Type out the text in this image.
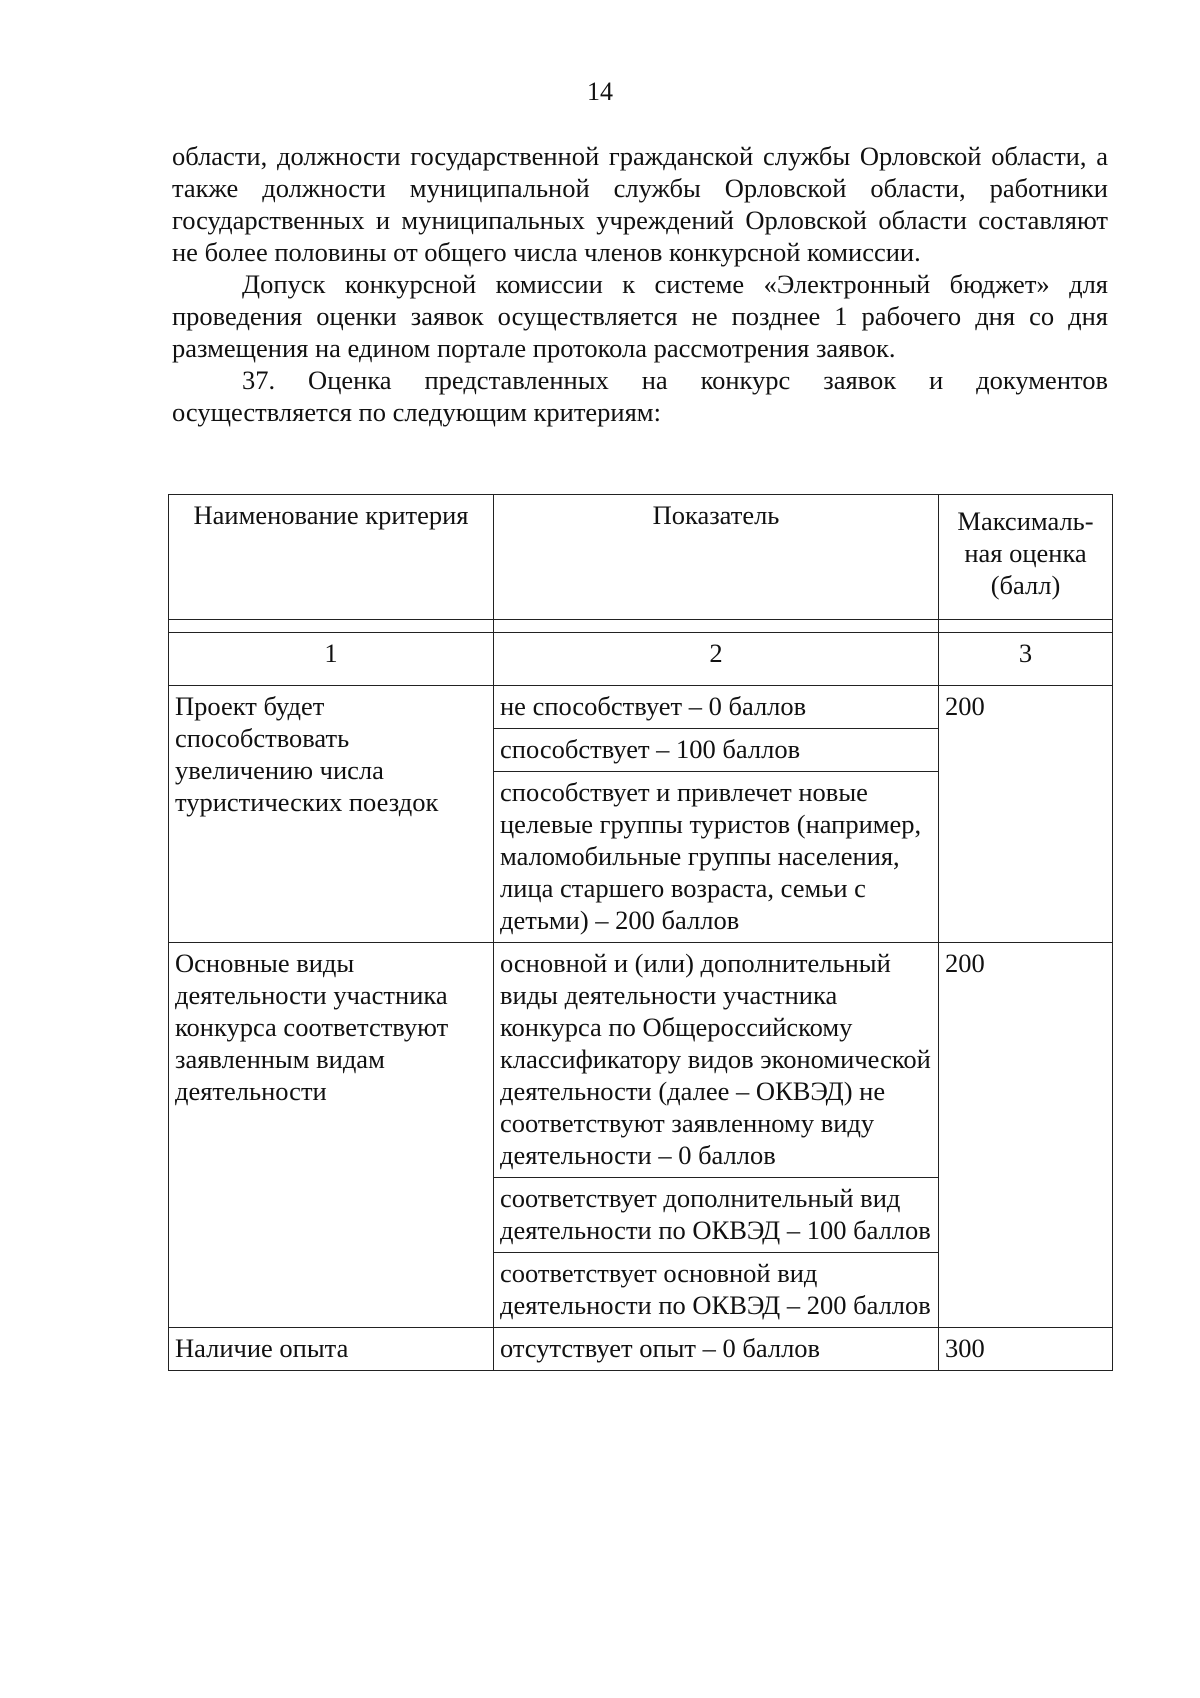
14

области, должности государственной гражданской службы Орловской области, а также должности муниципальной службы Орловской области, работники государственных и муниципальных учреждений Орловской области составляют не более половины от общего числа членов конкурсной комиссии.

Допуск конкурсной комиссии к системе «Электронный бюджет» для проведения оценки заявок осуществляется не позднее 1 рабочего дня со дня размещения на едином портале протокола рассмотрения заявок.

37. Оценка представленных на конкурс заявок и документов осуществляется по следующим критериям:

Наименование критерия	Показатель	Максималь-ная оценка (балл)

1	2	3
Проект будет способствовать увеличению числа туристических поездок	не способствует – 0 баллов	200
	способствует – 100 баллов	
	способствует и привлечет новые целевые группы туристов (например, маломобильные группы населения, лица старшего возраста, семьи с детьми) – 200 баллов	
Основные виды деятельности участника конкурса соответствуют заявленным видам деятельности	основной и (или) дополнительный виды деятельности участника конкурса по Общероссийскому классификатору видов экономической деятельности (далее – ОКВЭД) не соответствуют заявленному виду деятельности – 0 баллов	200
	соответствует дополнительный вид деятельности по ОКВЭД – 100 баллов	
	соответствует основной вид деятельности по ОКВЭД – 200 баллов	
Наличие опыта	отсутствует опыт – 0 баллов	300
